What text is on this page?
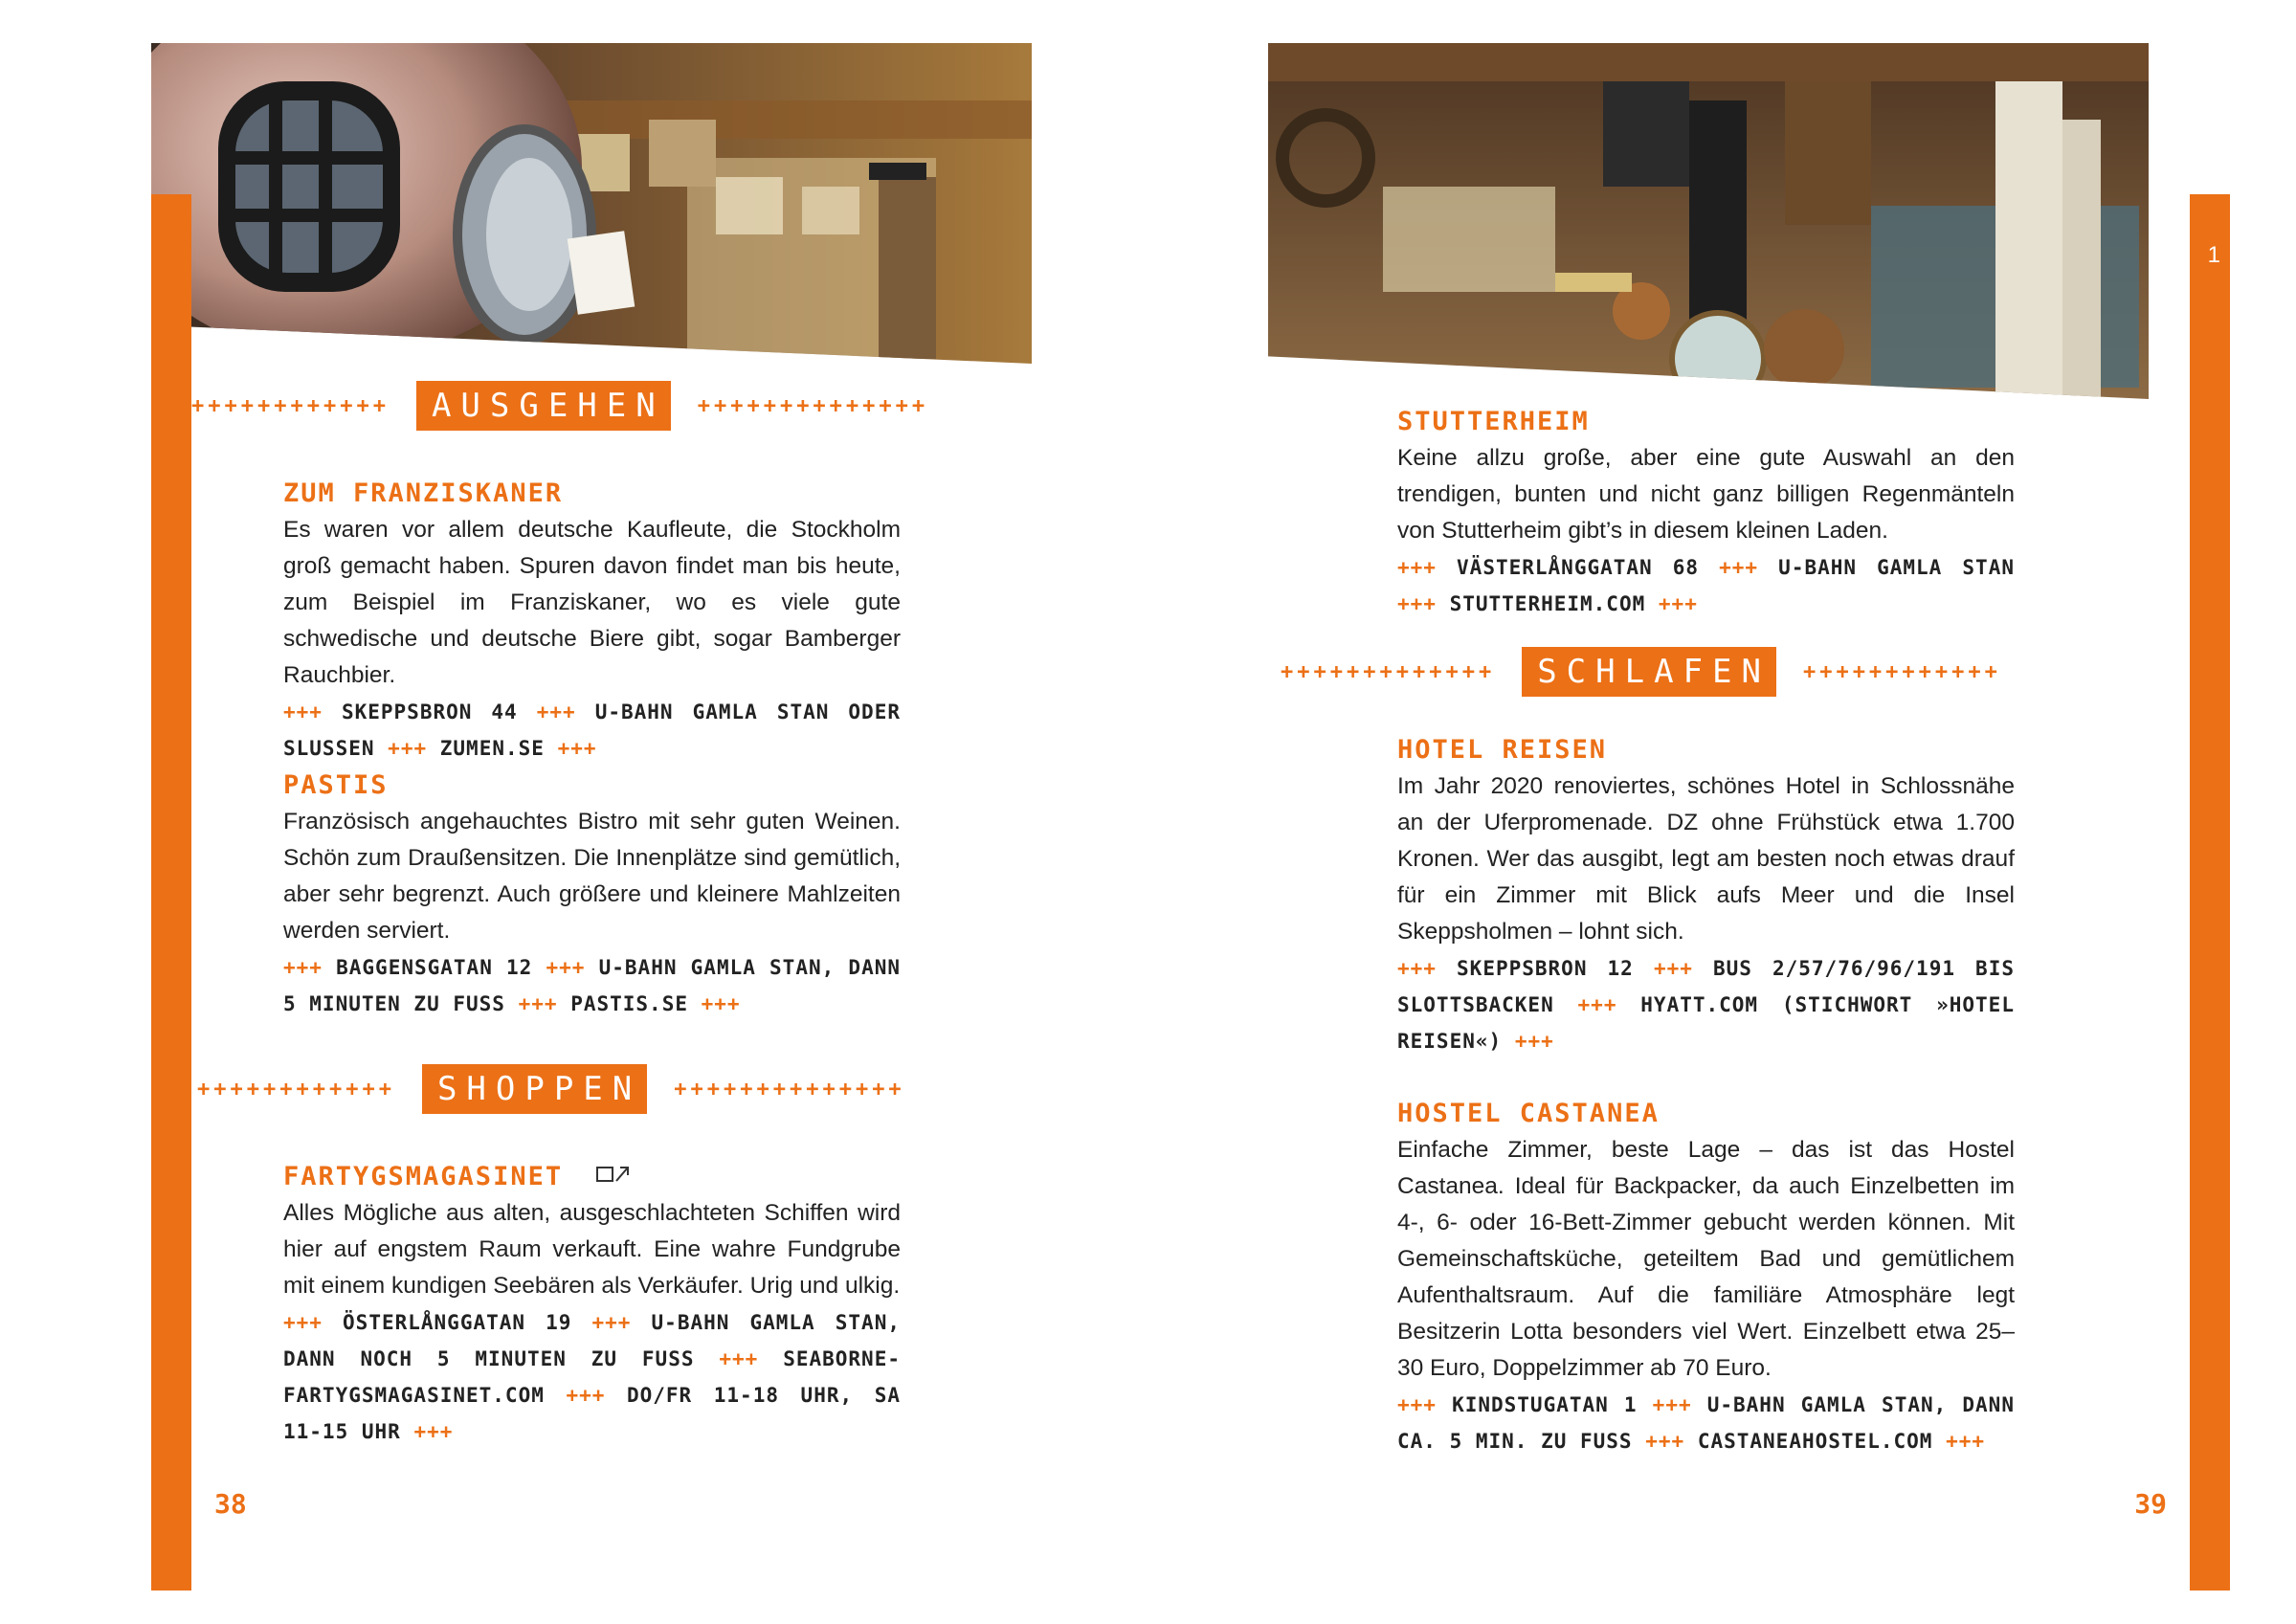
++++++++++++	AUSGEHEN ++++++++++++++
ZUM FRANZISKANER
Es waren vor allem deutsche Kaufleute, die Stockholm groß gemacht haben. Spuren davon findet man bis heute, zum Beispiel im Franziskaner, wo es viele gute schwedische und deutsche Biere gibt, sogar Bamberger Rauchbier.
+++ SKEPPSBRON 44 +++ U-BAHN GAMLA STAN ODER SLUSSEN +++ ZUMEN.SE +++
PASTIS
Französisch angehauchtes Bistro mit sehr guten Weinen. Schön zum Draußensitzen. Die Innenplätze sind gemütlich, aber sehr begrenzt. Auch größere und kleinere Mahlzeiten werden serviert.
+++ BAGGENSGATAN 12 +++ U-BAHN GAMLA STAN, DANN 5 MINUTEN ZU FUSS +++ PASTIS.SE +++
++++++++++++	SHOPPEN ++++++++++++++
FARTYGSMAGASINET
Alles Mögliche aus alten, ausgeschlachteten Schiffen wird hier auf engstem Raum verkauft. Eine wahre Fundgrube mit einem kundigen Seebären als Verkäufer. Urig und ulkig.
+++ ÖSTERLÅNGGATAN 19 +++ U-BAHN GAMLA STAN, DANN NOCH 5 MINUTEN ZU FUSS +++ SEABORNE-FARTYGSMAGASINET.COM +++ DO/FR 11-18 UHR, SA 11-15 UHR +++
38
1
STUTTERHEIM
Keine allzu große, aber eine gute Auswahl an den trendigen, bunten und nicht ganz billigen Regenmänteln von Stutterheim gibt’s in diesem kleinen Laden.
+++ VÄSTERLÅNGGATAN 68 +++ U-BAHN GAMLA STAN +++ STUTTERHEIM.COM +++
+++++++++++++	SCHLAFEN ++++++++++++
HOTEL REISEN
Im Jahr 2020 renoviertes, schönes Hotel in Schlossnähe an der Uferpromenade. DZ ohne Frühstück etwa 1.700 Kronen. Wer das ausgibt, legt am besten noch etwas drauf für ein Zimmer mit Blick aufs Meer und die Insel Skeppsholmen – lohnt sich.
+++ SKEPPSBRON 12 +++ BUS 2/57/76/96/191 BIS SLOTTSBACKEN +++ HYATT.COM (STICHWORT »HOTEL REISEN«) +++
HOSTEL CASTANEA
Einfache Zimmer, beste Lage – das ist das Hostel Castanea. Ideal für Backpacker, da auch Einzelbetten im 4-, 6- oder 16-Bett-Zimmer gebucht werden können. Mit Gemeinschaftsküche, geteiltem Bad und gemütlichem Aufenthaltsraum. Auf die familiäre Atmosphäre legt Besitzerin Lotta besonders viel Wert. Einzelbett etwa 25–30 Euro, Doppelzimmer ab 70 Euro.
+++ KINDSTUGATAN 1 +++ U-BAHN GAMLA STAN, DANN CA. 5 MIN. ZU FUSS +++ CASTANEAHOSTEL.COM +++
39
